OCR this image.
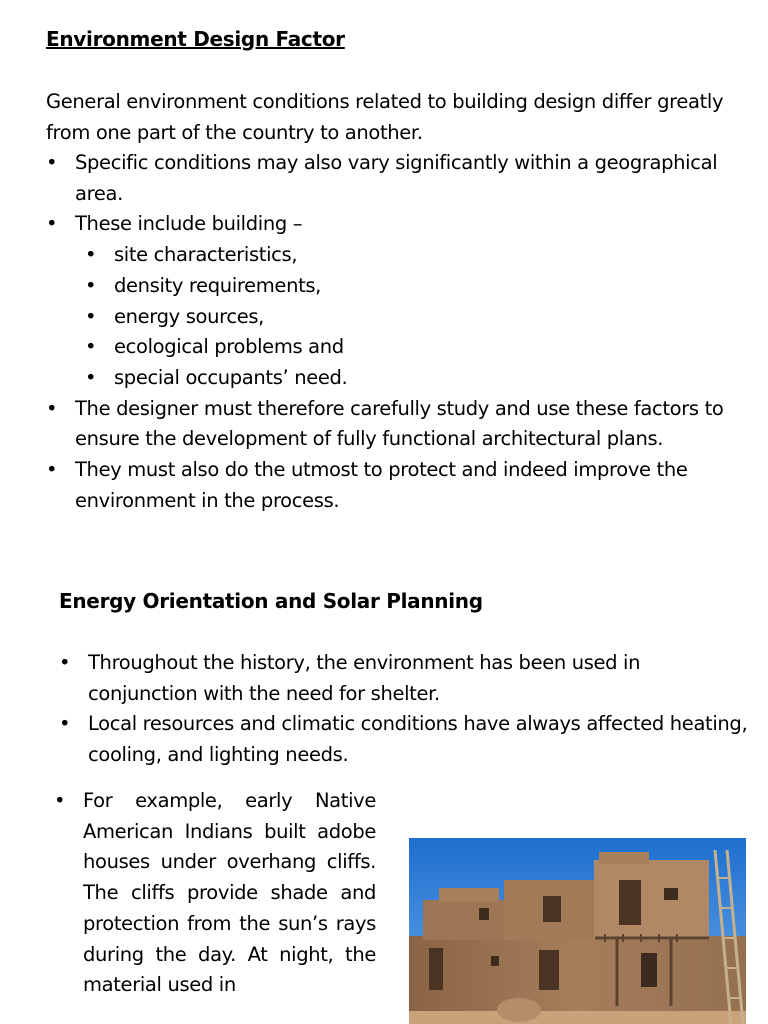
Environment Design Factor

General environment conditions related to building design differ greatly from one part of the country to another.

• Specific conditions may also vary significantly within a geographical area.
• These include building –
• site characteristics,
• density requirements,
• energy sources,
• ecological problems and
• special occupants’ need.
• The designer must therefore carefully study and use these factors to ensure the development of fully functional architectural plans.
• They must also do the utmost to protect and indeed improve the environment in the process.
Energy Orientation and Solar Planning
• Throughout the history, the environment has been used in conjunction with the need for shelter.
• Local resources and climatic conditions have always affected heating, cooling, and lighting needs.
• For example, early Native American Indians built adobe houses under overhang cliffs. The cliffs provide shade and protection from the sun’s rays during the day. At night, the material used in
